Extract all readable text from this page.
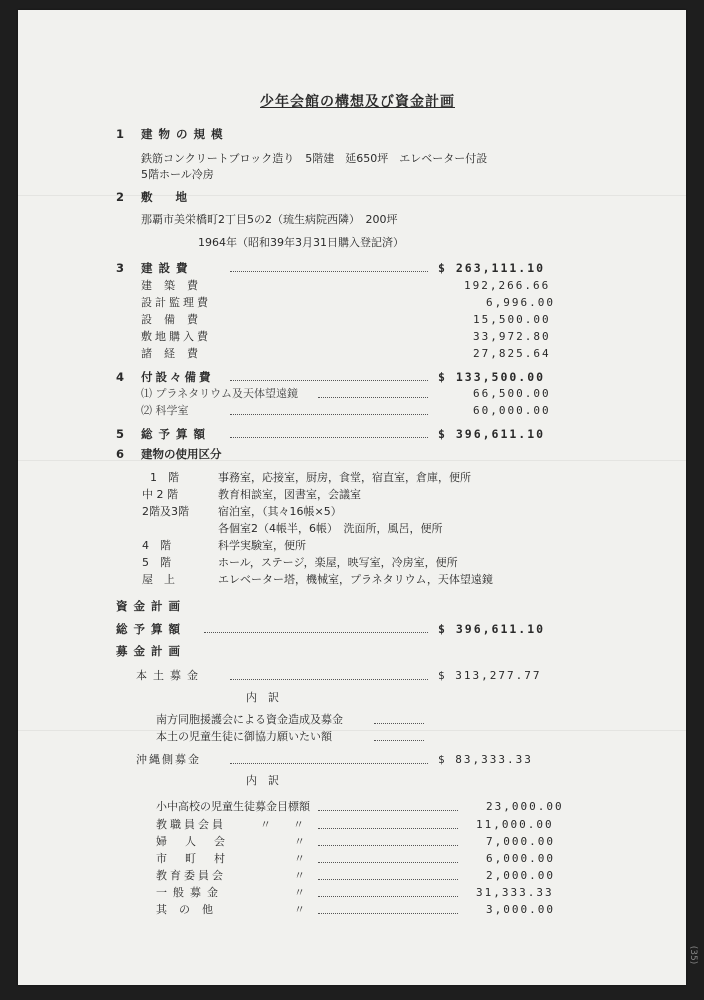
少年会館の構想及び資金計画
1 建物の規模
鉄筋コンクリートブロック造り　5階建　延650坪　エレベーター付設
5階ホール冷房
2 敷　　地
那覇市美栄橋町2丁目5の2（琉生病院西隣）　200坪
1964年（昭和39年3月31日購入登記済）
3 建設費	$ 263,111.10
建築費	192,266.66
設計監理費	6,996.00
設備費	15,500.00
敷地購入費	33,972.80
諸経費	27,825.64
4 付設々備費	$ 133,500.00
⑴ プラネタリウム及天体望遠鏡	66,500.00
⑵ 科学室	60,000.00
5 総予算額	$ 396,611.10
6 建物の使用区分
1　階	事務室，応接室，厨房，食堂，宿直室，倉庫，便所
中 2 階	教育相談室，図書室，会議室
2階及3階	宿泊室，（其々16帳×5）
各個室2（4帳半，6帳）　洗面所，風呂，便所
4　階	科学実験室，便所
5　階	ホール，ステージ，楽屋，映写室，冷房室，便所
屋　上	エレベーター塔，機械室，プラネタリウム，天体望遠鏡
資金計画
総予算額	$ 396,611.10
募金計画
本土募金	$ 313,277.77
内　訳
南方同胞援護会による資金造成及募金
本土の児童生徒に御協力願いたい額
沖縄側募金	$ 83,333.33
内　訳
小中高校の児童生徒募金目標額	23,000.00
教職員会員	〃　　〃	11,000.00
婦人会	〃	7,000.00
市町村	〃	6,000.00
教育委員会	〃	2,000.00
一般募金	〃	31,333.33
其の他	〃	3,000.00
(35)
